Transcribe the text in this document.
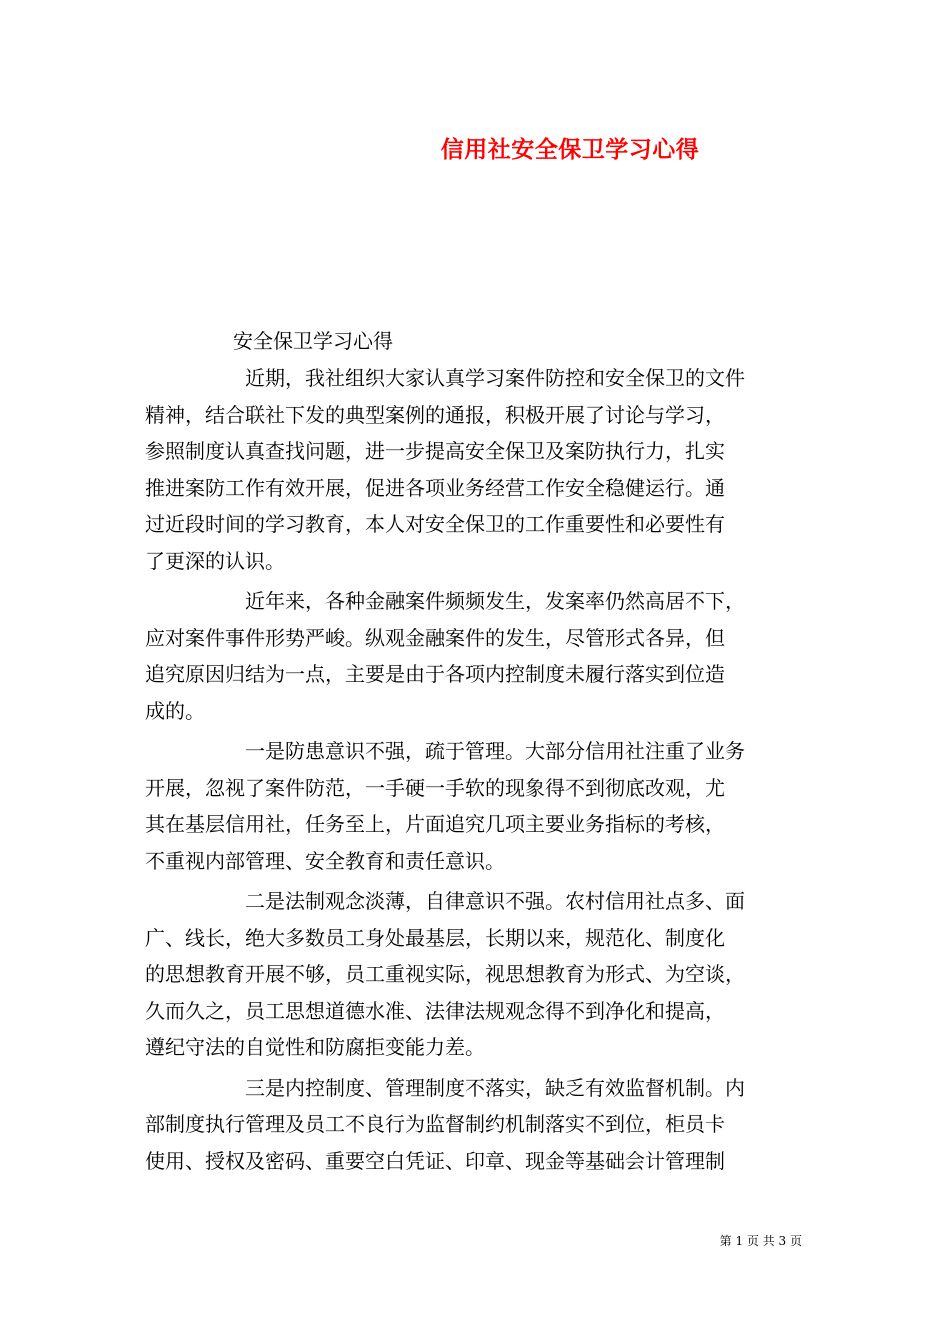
信用社安全保卫学习心得

安全保卫学习心得

近期，我社组织大家认真学习案件防控和安全保卫的文件
精神，结合联社下发的典型案例的通报，积极开展了讨论与学习，
参照制度认真查找问题，进一步提高安全保卫及案防执行力，扎实
推进案防工作有效开展，促进各项业务经营工作安全稳健运行。通
过近段时间的学习教育，本人对安全保卫的工作重要性和必要性有
了更深的认识。

近年来，各种金融案件频频发生，发案率仍然高居不下，
应对案件事件形势严峻。纵观金融案件的发生，尽管形式各异，但
追究原因归结为一点，主要是由于各项内控制度未履行落实到位造
成的。

一是防患意识不强，疏于管理。大部分信用社注重了业务
开展，忽视了案件防范，一手硬一手软的现象得不到彻底改观，尤
其在基层信用社，任务至上，片面追究几项主要业务指标的考核，
不重视内部管理、安全教育和责任意识。

二是法制观念淡薄，自律意识不强。农村信用社点多、面
广、线长，绝大多数员工身处最基层，长期以来，规范化、制度化
的思想教育开展不够，员工重视实际，视思想教育为形式、为空谈，
久而久之，员工思想道德水准、法律法规观念得不到净化和提高，
遵纪守法的自觉性和防腐拒变能力差。

三是内控制度、管理制度不落实，缺乏有效监督机制。内
部制度执行管理及员工不良行为监督制约机制落实不到位，柜员卡
使用、授权及密码、重要空白凭证、印章、现金等基础会计管理制

第 1 页 共 3 页
